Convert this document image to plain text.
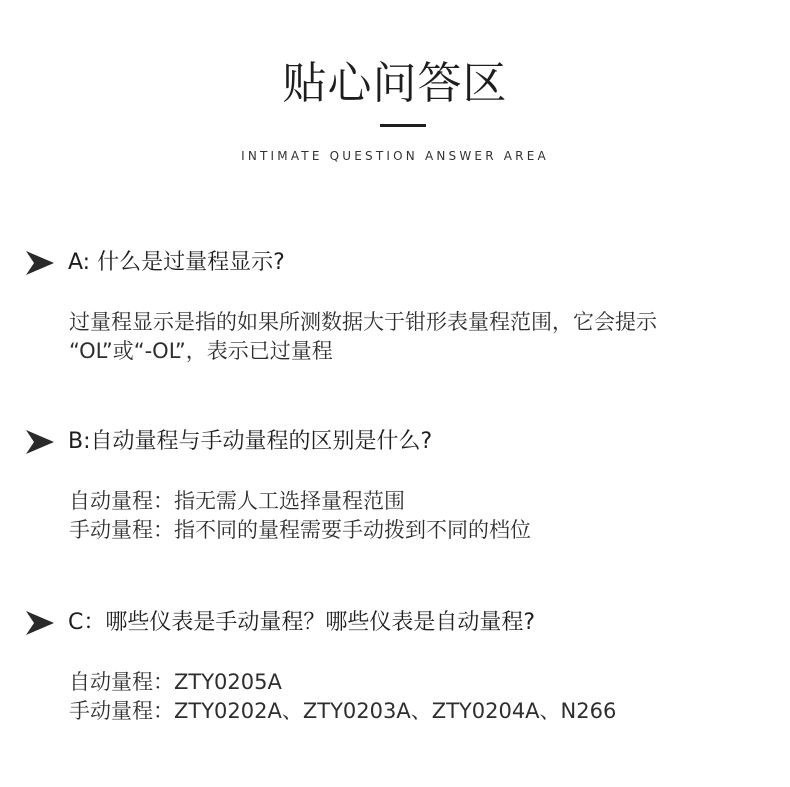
贴心问答区
INTIMATE QUESTION ANSWER AREA
A: 什么是过量程显示?
过量程显示是指的如果所测数据大于钳形表量程范围，它会提示
“OL”或“-OL”，表示已过量程
B:自动量程与手动量程的区别是什么?
自动量程：指无需人工选择量程范围
手动量程：指不同的量程需要手动拨到不同的档位
C：哪些仪表是手动量程？哪些仪表是自动量程?
自动量程：ZTY0205A
手动量程：ZTY0202A、ZTY0203A、ZTY0204A、N266
